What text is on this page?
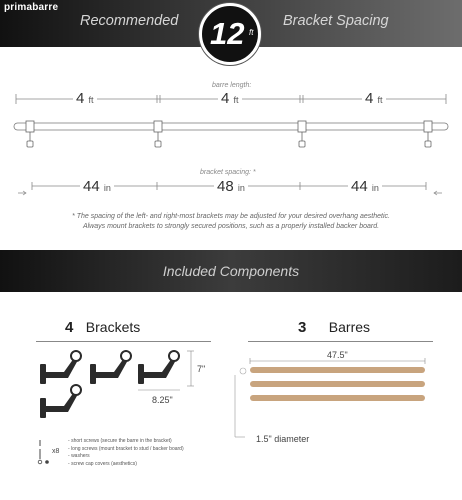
primabarre
Recommended	Bracket Spacing
12 ft
barre length:
4 ft	4 ft	4 ft
bracket spacing: *
44 in	48 in	44 in
* The spacing of the left- and right-most brackets may be adjusted for your desired overhang aesthetic.
Always mount brackets to strongly secured positions, such as a properly installed backer board.
Included Components
4 Brackets
7"
8.25"
3 Barres
47.5"
1.5" diameter
x8
- short screws (secure the barre in the bracket)
- long screws (mount bracket to stud / backer board)
- washers
- screw cap covers (aesthetics)
